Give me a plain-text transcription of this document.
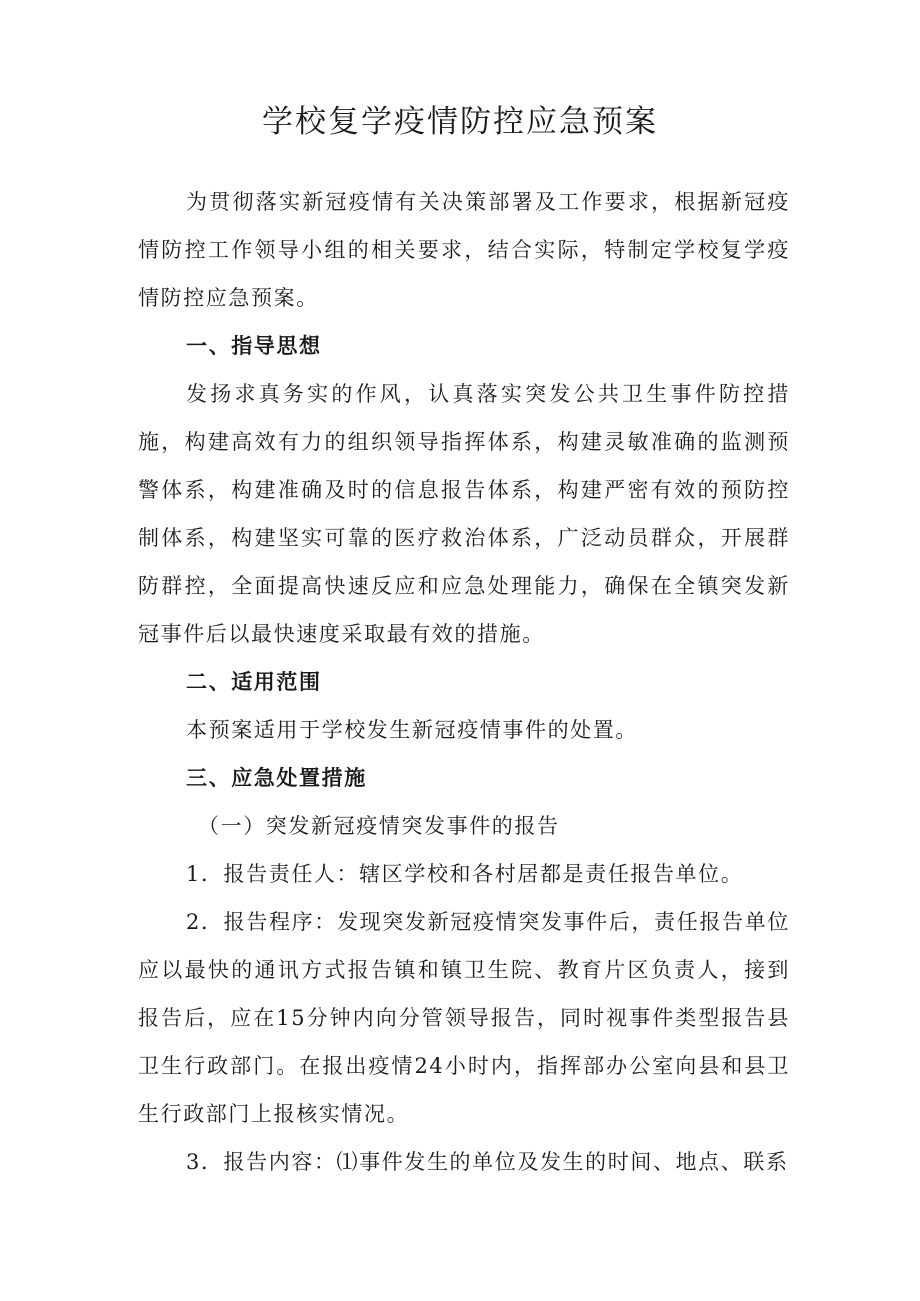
学校复学疫情防控应急预案

为贯彻落实新冠疫情有关决策部署及工作要求，根据新冠疫情防控工作领导小组的相关要求，结合实际，特制定学校复学疫情防控应急预案。

一、指导思想

发扬求真务实的作风，认真落实突发公共卫生事件防控措施，构建高效有力的组织领导指挥体系，构建灵敏准确的监测预警体系，构建准确及时的信息报告体系，构建严密有效的预防控制体系，构建坚实可靠的医疗救治体系，广泛动员群众，开展群防群控，全面提高快速反应和应急处理能力，确保在全镇突发新冠事件后以最快速度采取最有效的措施。

二、适用范围

本预案适用于学校发生新冠疫情事件的处置。

三、应急处置措施

（一）突发新冠疫情突发事件的报告

1．报告责任人：辖区学校和各村居都是责任报告单位。

2．报告程序：发现突发新冠疫情突发事件后，责任报告单位应以最快的通讯方式报告镇和镇卫生院、教育片区负责人，接到报告后，应在15分钟内向分管领导报告，同时视事件类型报告县卫生行政部门。在报出疫情24小时内，指挥部办公室向县和县卫生行政部门上报核实情况。

3．报告内容：⑴事件发生的单位及发生的时间、地点、联系
